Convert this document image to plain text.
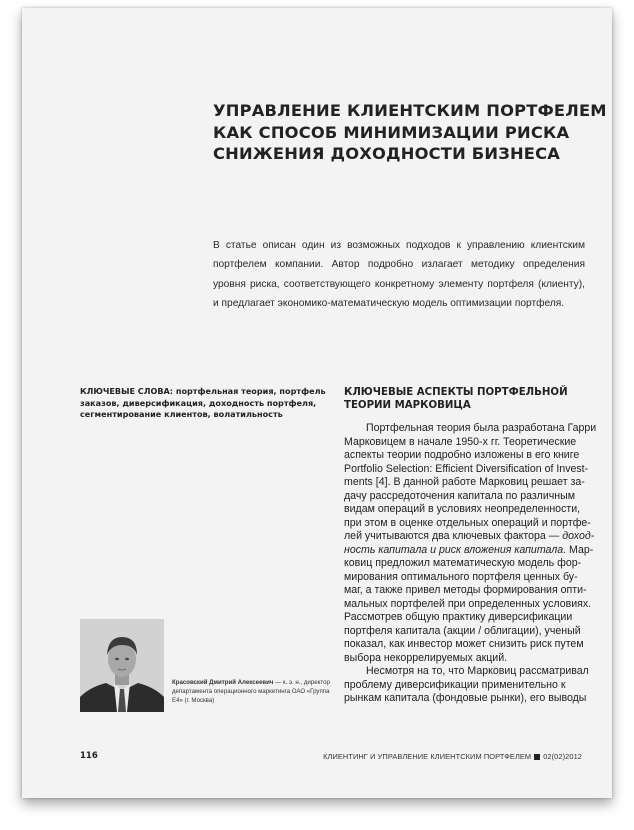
УПРАВЛЕНИЕ КЛИЕНТСКИМ ПОРТФЕЛЕМ
КАК СПОСОБ МИНИМИЗАЦИИ РИСКА
СНИЖЕНИЯ ДОХОДНОСТИ БИЗНЕСА

В статье описан один из возможных подходов к управлению клиентским портфелем компании. Автор подробно излагает методику определения уровня риска, соответствующего конкретному элементу портфеля (клиенту), и предлагает экономико-математическую модель оптимизации портфеля.

КЛЮЧЕВЫЕ СЛОВА: портфельная теория, портфель заказов, диверсификация, доходность портфеля, сегментирование клиентов, волатильность

КЛЮЧЕВЫЕ АСПЕКТЫ ПОРТФЕЛЬНОЙ ТЕОРИИ МАРКОВИЦА
Портфельная теория была разработана Гарри
Марковицем в начале 1950-х гг. Теоретические
аспекты теории подробно изложены в его книге
Portfolio Selection: Efficient Diversification of Invest-
ments [4]. В данной работе Марковиц решает за-
дачу рассредоточения капитала по различным
видам операций в условиях неопределенности,
при этом в оценке отдельных операций и портфе-
лей учитываются два ключевых фактора — доход-
ность капитала и риск вложения капитала. Мар-
ковиц предложил математическую модель фор-
мирования оптимального портфеля ценных бу-
маг, а также привел методы формирования опти-
мальных портфелей при определенных условиях.
Рассмотрев общую практику диверсификации
портфеля капитала (акции / облигации), ученый
показал, как инвестор может снизить риск путем
выбора некоррелируемых акций.
Несмотря на то, что Марковиц рассматривал
проблему диверсификации применительно к
рынкам капитала (фондовые рынки), его выводы

Красовский Дмитрий Алексеевич — к. э. н., директор департамента операционного маркетинга ОАО «Группа Е4» (г. Москва)

116	КЛИЕНТИНГ И УПРАВЛЕНИЕ КЛИЕНТСКИМ ПОРТФЕЛЕМ 02(02)2012
